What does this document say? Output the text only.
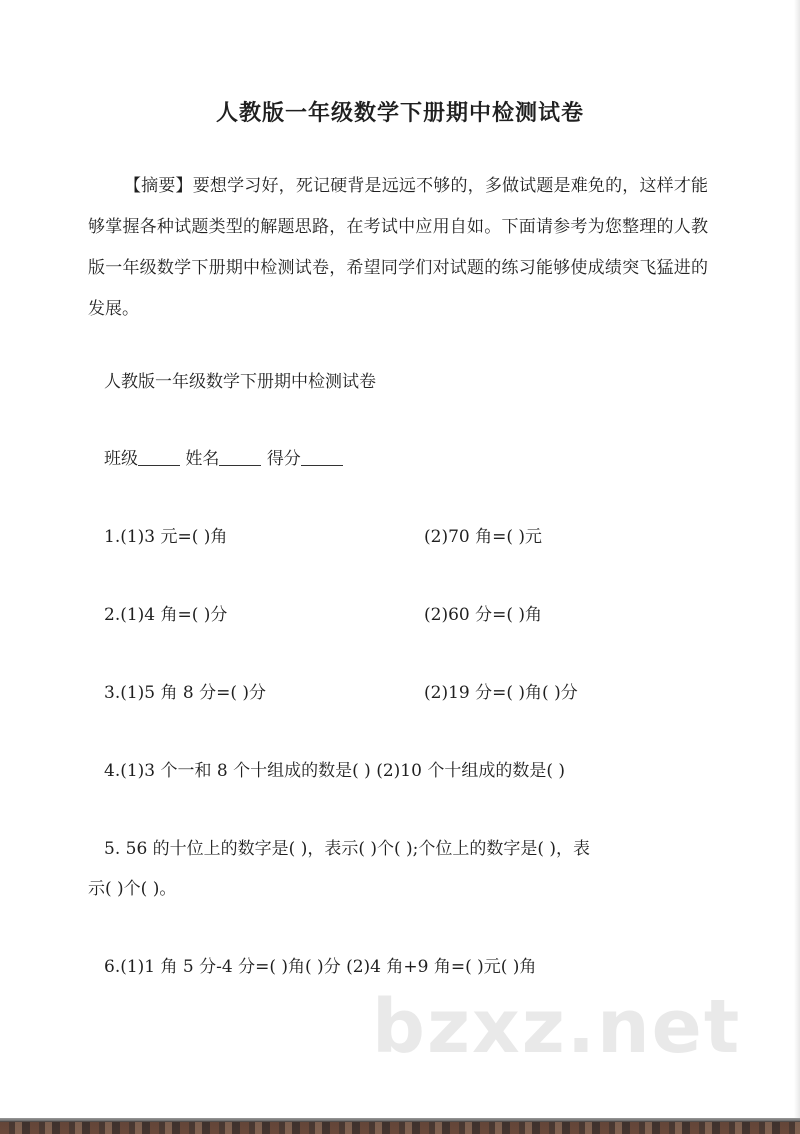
人教版一年级数学下册期中检测试卷
【摘要】要想学习好，死记硬背是远远不够的，多做试题是难免的，这样才能够掌握各种试题类型的解题思路，在考试中应用自如。下面请参考为您整理的人教版一年级数学下册期中检测试卷，希望同学们对试题的练习能够使成绩突飞猛进的发展。
人教版一年级数学下册期中检测试卷
班级	姓名	得分
1.(1)3 元=( )角	(2)70 角=( )元
2.(1)4 角=( )分	(2)60 分=( )角
3.(1)5 角 8 分=( )分	(2)19 分=( )角( )分
4.(1)3 个一和 8 个十组成的数是( ) (2)10 个十组成的数是( )
5. 56 的十位上的数字是( )，表示( )个( );个位上的数字是( )，表
示( )个( )。
6.(1)1 角 5 分-4 分=( )角( )分 (2)4 角+9 角=( )元( )角
bzxz.net
